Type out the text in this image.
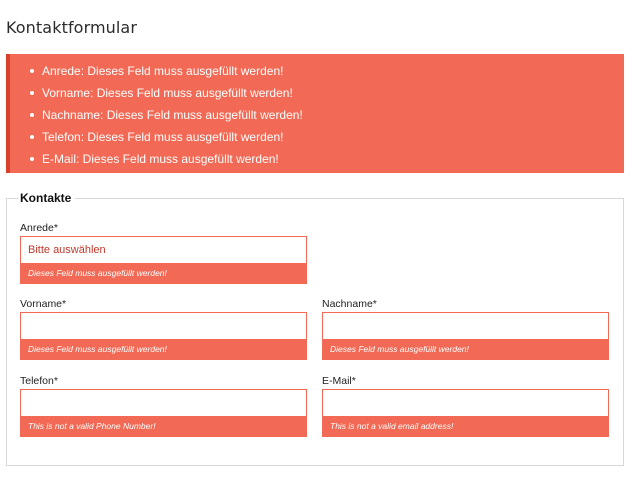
Kontaktformular
Anrede: Dieses Feld muss ausgefüllt werden!
Vorname: Dieses Feld muss ausgefüllt werden!
Nachname: Dieses Feld muss ausgefüllt werden!
Telefon: Dieses Feld muss ausgefüllt werden!
E-Mail: Dieses Feld muss ausgefüllt werden!
Kontakte
Anrede*
Bitte auswählen
Dieses Feld muss ausgefüllt werden!
Vorname*
Dieses Feld muss ausgefüllt werden!
Nachname*
Dieses Feld muss ausgefüllt werden!
Telefon*
This is not a valid Phone Number!
E-Mail*
This is not a valid email address!
